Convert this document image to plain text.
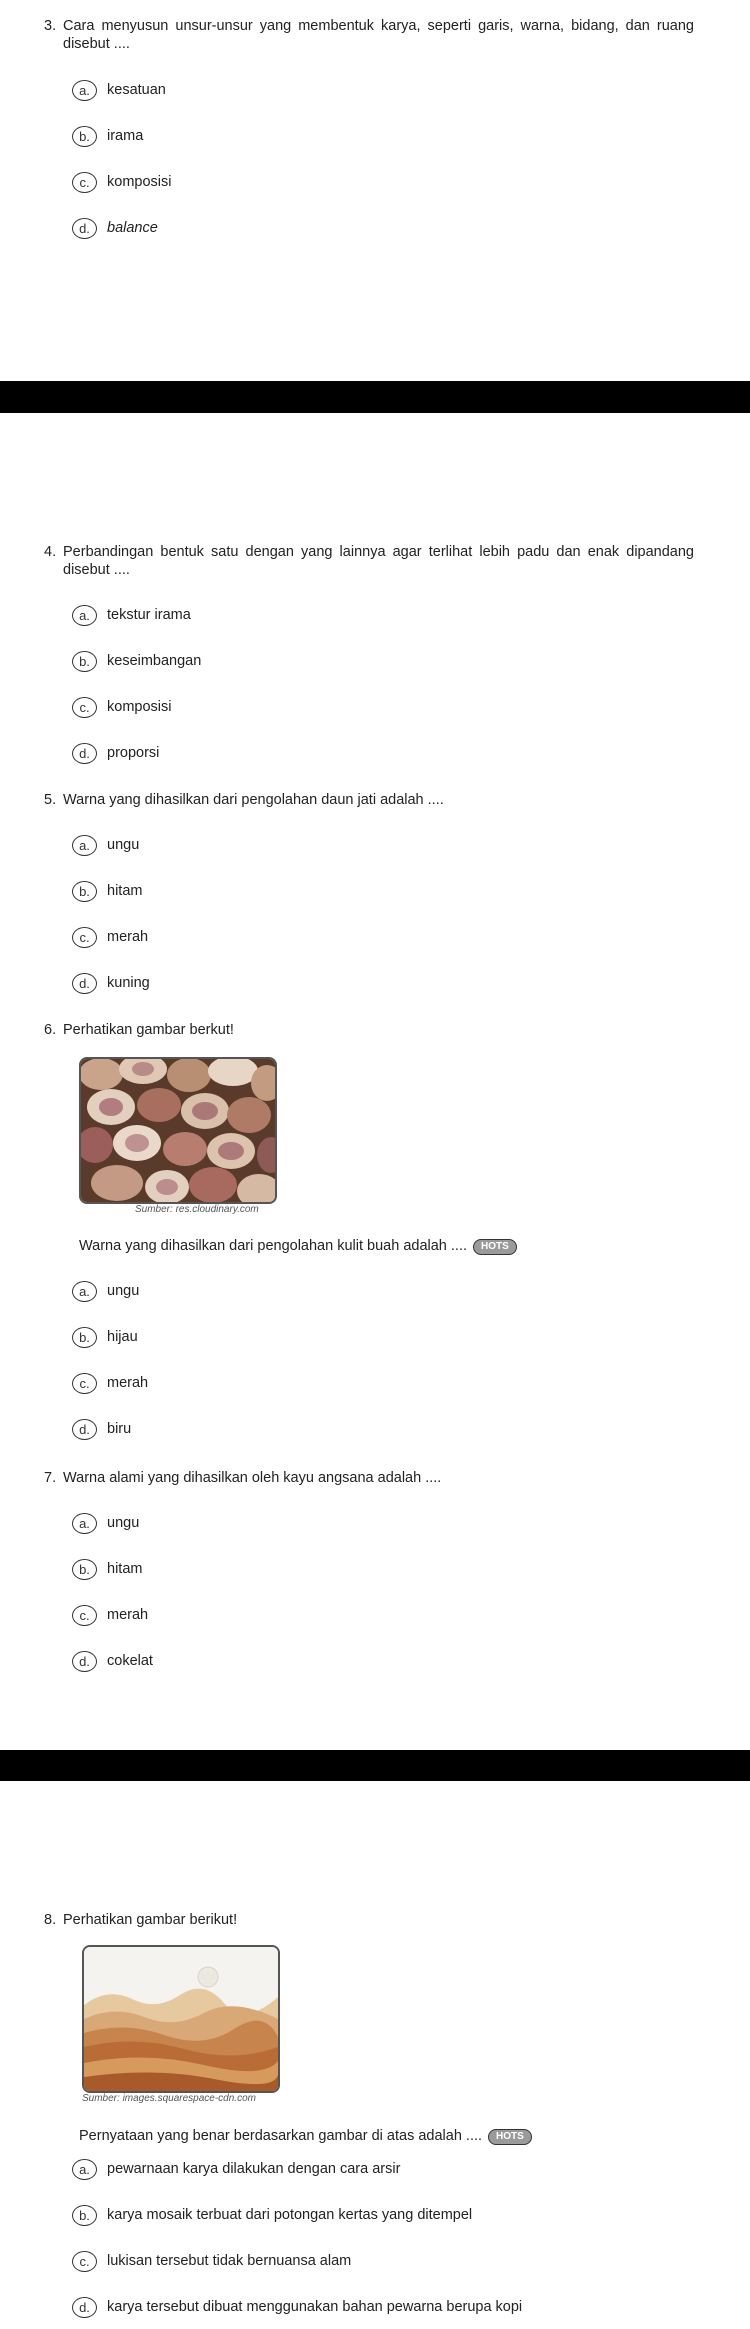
3. Cara menyusun unsur-unsur yang membentuk karya, seperti garis, warna, bidang, dan ruang disebut ....
a.	kesatuan
b.	irama
c.	komposisi
d.	balance
4. Perbandingan bentuk satu dengan yang lainnya agar terlihat lebih padu dan enak dipandang disebut ....
a.	tekstur irama
b.	keseimbangan
c.	komposisi
d.	proporsi
5. Warna yang dihasilkan dari pengolahan daun jati adalah ....
a.	ungu
b.	hitam
c.	merah
d.	kuning
6. Perhatikan gambar berkut!
Sumber: res.cloudinary.com
Warna yang dihasilkan dari pengolahan kulit buah adalah .... HOTS
a.	ungu
b.	hijau
c.	merah
d.	biru
7. Warna alami yang dihasilkan oleh kayu angsana adalah ....
a.	ungu
b.	hitam
c.	merah
d.	cokelat
8. Perhatikan gambar berikut!
Sumber: images.squarespace-cdn.com
Pernyataan yang benar berdasarkan gambar di atas adalah .... HOTS
a.	pewarnaan karya dilakukan dengan cara arsir
b.	karya mosaik terbuat dari potongan kertas yang ditempel
c.	lukisan tersebut tidak bernuansa alam
d.	karya tersebut dibuat menggunakan bahan pewarna berupa kopi
